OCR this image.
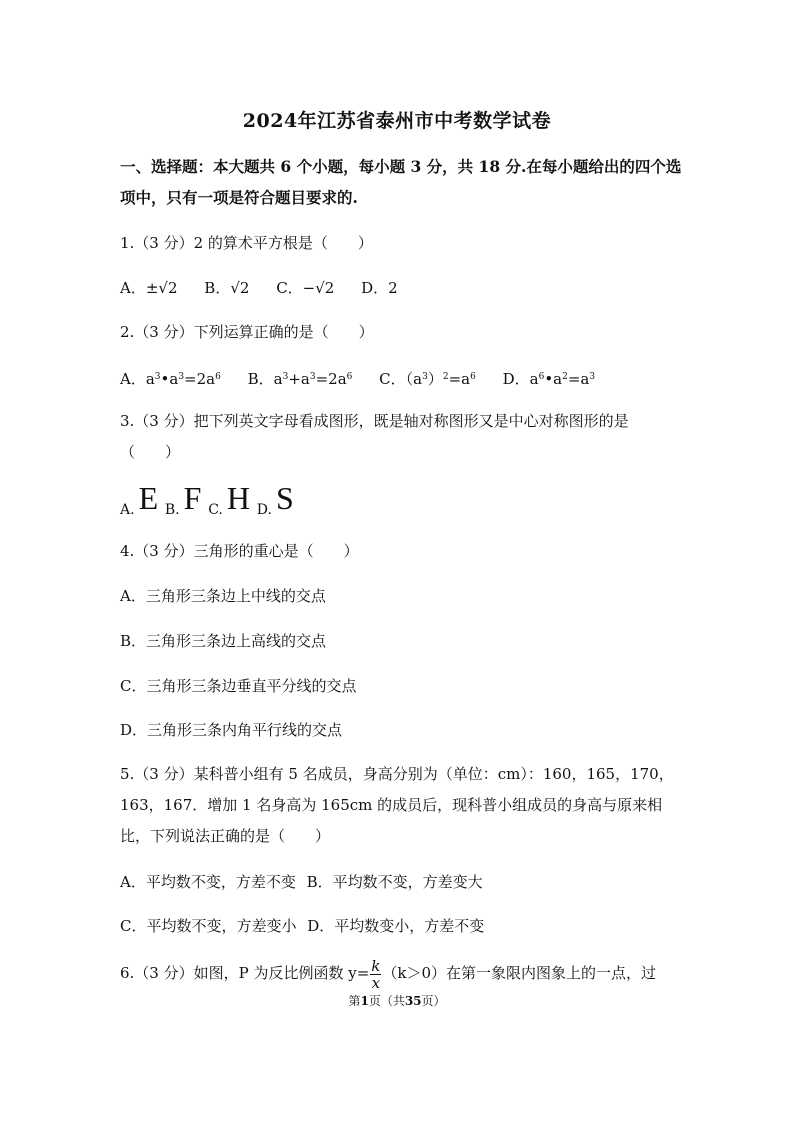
2024年江苏省泰州市中考数学试卷
一、选择题：本大题共 6 个小题，每小题 3 分，共 18 分.在每小题给出的四个选
项中，只有一项是符合题目要求的.
1.（3 分）2 的算术平方根是（　　）
A．±√2 B．√2 C．−√2 D．2
2.（3 分）下列运算正确的是（　　）
A．$a^3•a^3=2a^6$ B．$a^3+a^3=2a^6$ C．$(a^3)^2=a^6$ D．$a^6•a^2=a^3$
3.（3 分）把下列英文字母看成图形，既是轴对称图形又是中心对称图形的是
（　　）
A. E B. F C. H D. S
4.（3 分）三角形的重心是（　　）
A．三角形三条边上中线的交点
B．三角形三条边上高线的交点
C．三角形三条边垂直平分线的交点
D．三角形三条内角平行线的交点
5.（3 分）某科普小组有 5 名成员，身高分别为（单位：cm）：160，165，170，
163，167．增加 1 名身高为 165cm 的成员后，现科普小组成员的身高与原来相
比，下列说法正确的是（　　）
A．平均数不变，方差不变 B．平均数不变，方差变大
C．平均数不变，方差变小 D．平均数变小，方差不变
6.（3 分）如图，P 为反比例函数 $y= \frac{k}{x} (k>0)$在第一象限内图象上的一点，过
第1页（共35页）
